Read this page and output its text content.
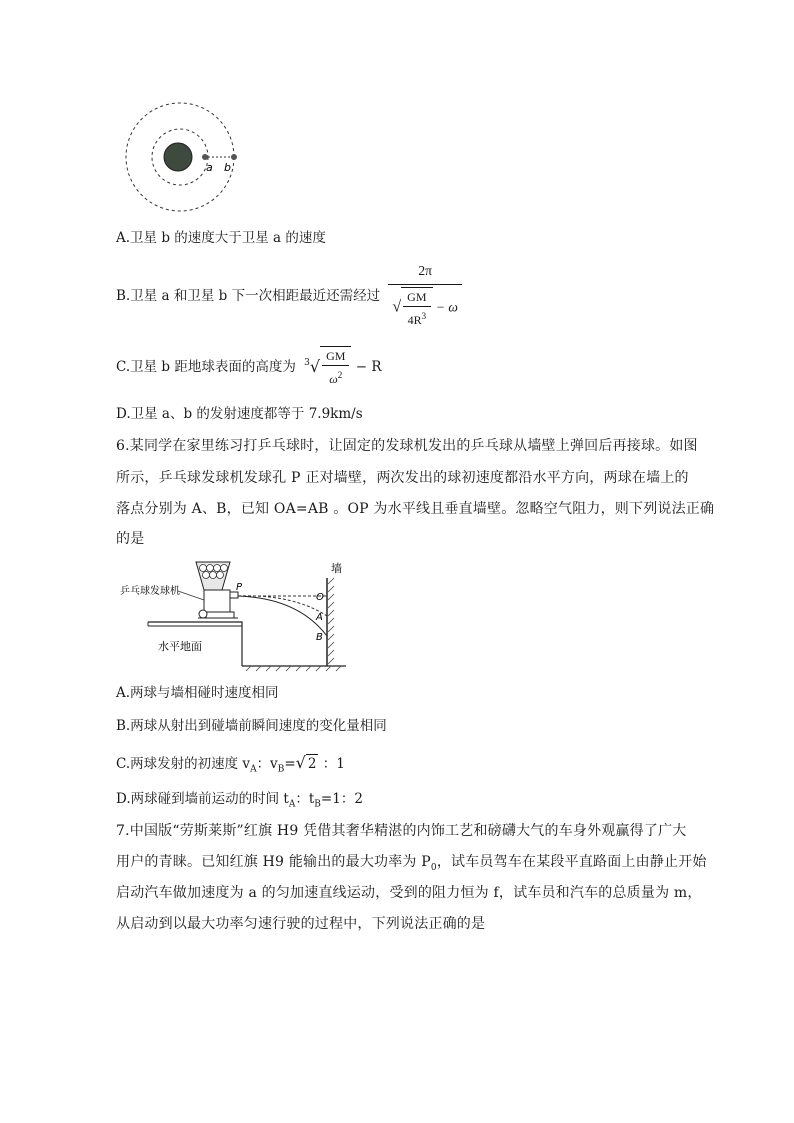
a b
A.卫星 b 的速度大于卫星 a 的速度
B.卫星 a 和卫星 b 下一次相距最近还需经过 $\frac{2\pi}{√ \frac{GM}{4R^3} - \omega}$
C.卫星 b 距地球表面的高度为 $^3√ \frac{GM}{\omega^2} - R$
D.卫星 a、b 的发射速度都等于 7.9km/s
6.某同学在家里练习打乒乓球时，让固定的发球机发出的乒乓球从墙壁上弹回后再接球。如图
所示，乒乓球发球机发球孔 P 正对墙壁，两次发出的球初速度都沿水平方向，两球在墙上的
落点分别为 A、B，已知 OA=AB 。OP 为水平线且垂直墙壁。忽略空气阻力，则下列说法正确
的是
墙
P
O
A
B
乒乓球发球机
水平地面
A.两球与墙相碰时速度相同
B.两球从射出到碰墙前瞬间速度的变化量相同
C.两球发射的初速度 $v_A$：$v_B=√$ 2 ：1
D.两球碰到墙前运动的时间 $t_A$：$t_B=1$：2
7.中国版“劳斯莱斯”红旗 H9 凭借其奢华精湛的内饰工艺和磅礴大气的车身外观赢得了广大
用户的青睐。已知红旗 H9 能输出的最大功率为 $P_0$，试车员驾车在某段平直路面上由静止开始
启动汽车做加速度为 a 的匀加速直线运动，受到的阻力恒为 f，试车员和汽车的总质量为 m，
从启动到以最大功率匀速行驶的过程中，下列说法正确的是
